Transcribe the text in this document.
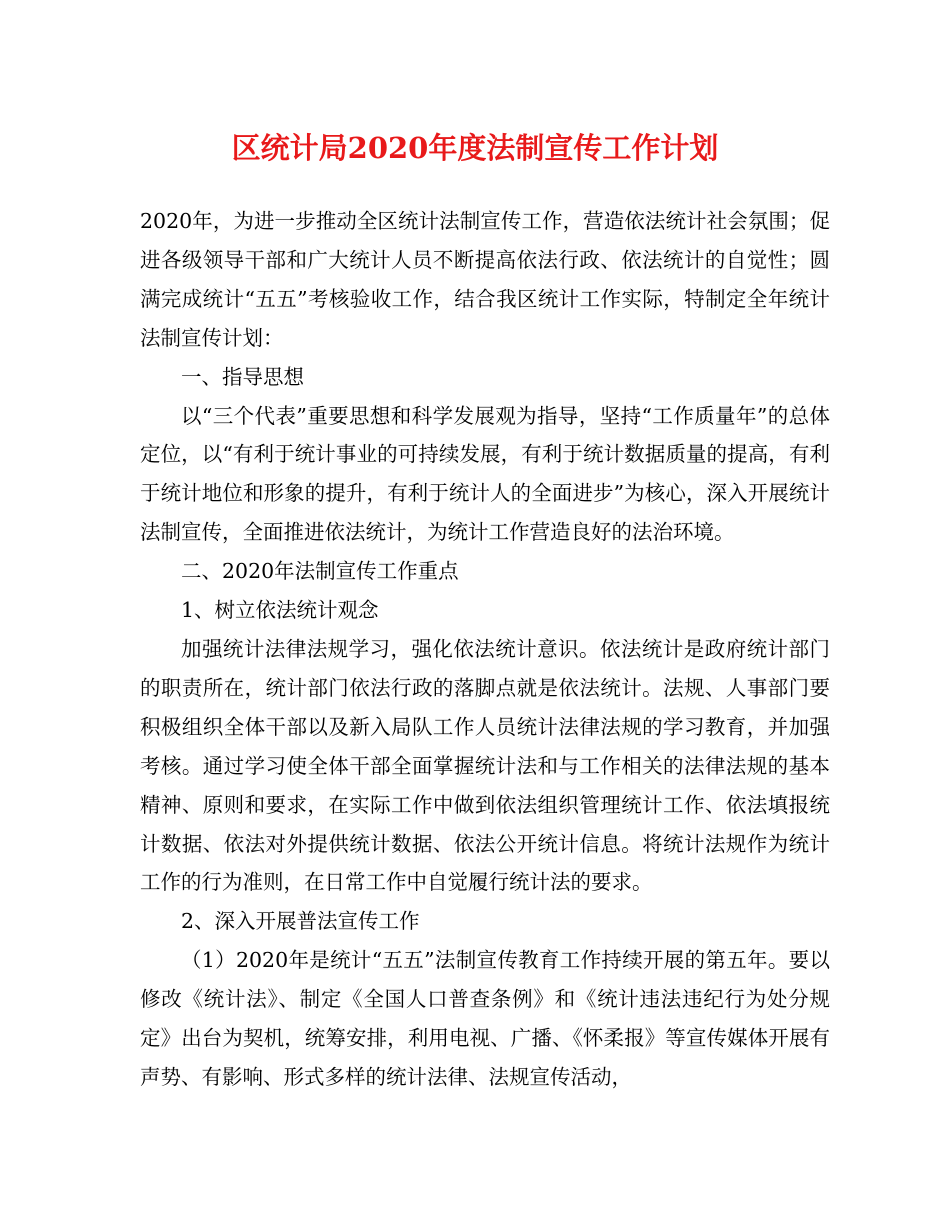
区统计局2020年度法制宣传工作计划

2020年，为进一步推动全区统计法制宣传工作，营造依法统计社会氛围；促进各级领导干部和广大统计人员不断提高依法行政、依法统计的自觉性；圆满完成统计“五五”考核验收工作，结合我区统计工作实际，特制定全年统计法制宣传计划：

一、指导思想

以“三个代表”重要思想和科学发展观为指导，坚持“工作质量年”的总体定位，以“有利于统计事业的可持续发展，有利于统计数据质量的提高，有利于统计地位和形象的提升，有利于统计人的全面进步”为核心，深入开展统计法制宣传，全面推进依法统计，为统计工作营造良好的法治环境。

二、2020年法制宣传工作重点

1、树立依法统计观念

加强统计法律法规学习，强化依法统计意识。依法统计是政府统计部门的职责所在，统计部门依法行政的落脚点就是依法统计。法规、人事部门要积极组织全体干部以及新入局队工作人员统计法律法规的学习教育，并加强考核。通过学习使全体干部全面掌握统计法和与工作相关的法律法规的基本精神、原则和要求，在实际工作中做到依法组织管理统计工作、依法填报统计数据、依法对外提供统计数据、依法公开统计信息。将统计法规作为统计工作的行为准则，在日常工作中自觉履行统计法的要求。

2、深入开展普法宣传工作

（1）2020年是统计“五五”法制宣传教育工作持续开展的第五年。要以修改《统计法》、制定《全国人口普查条例》和《统计违法违纪行为处分规定》出台为契机，统筹安排，利用电视、广播、《怀柔报》等宣传媒体开展有声势、有影响、形式多样的统计法律、法规宣传活动，
